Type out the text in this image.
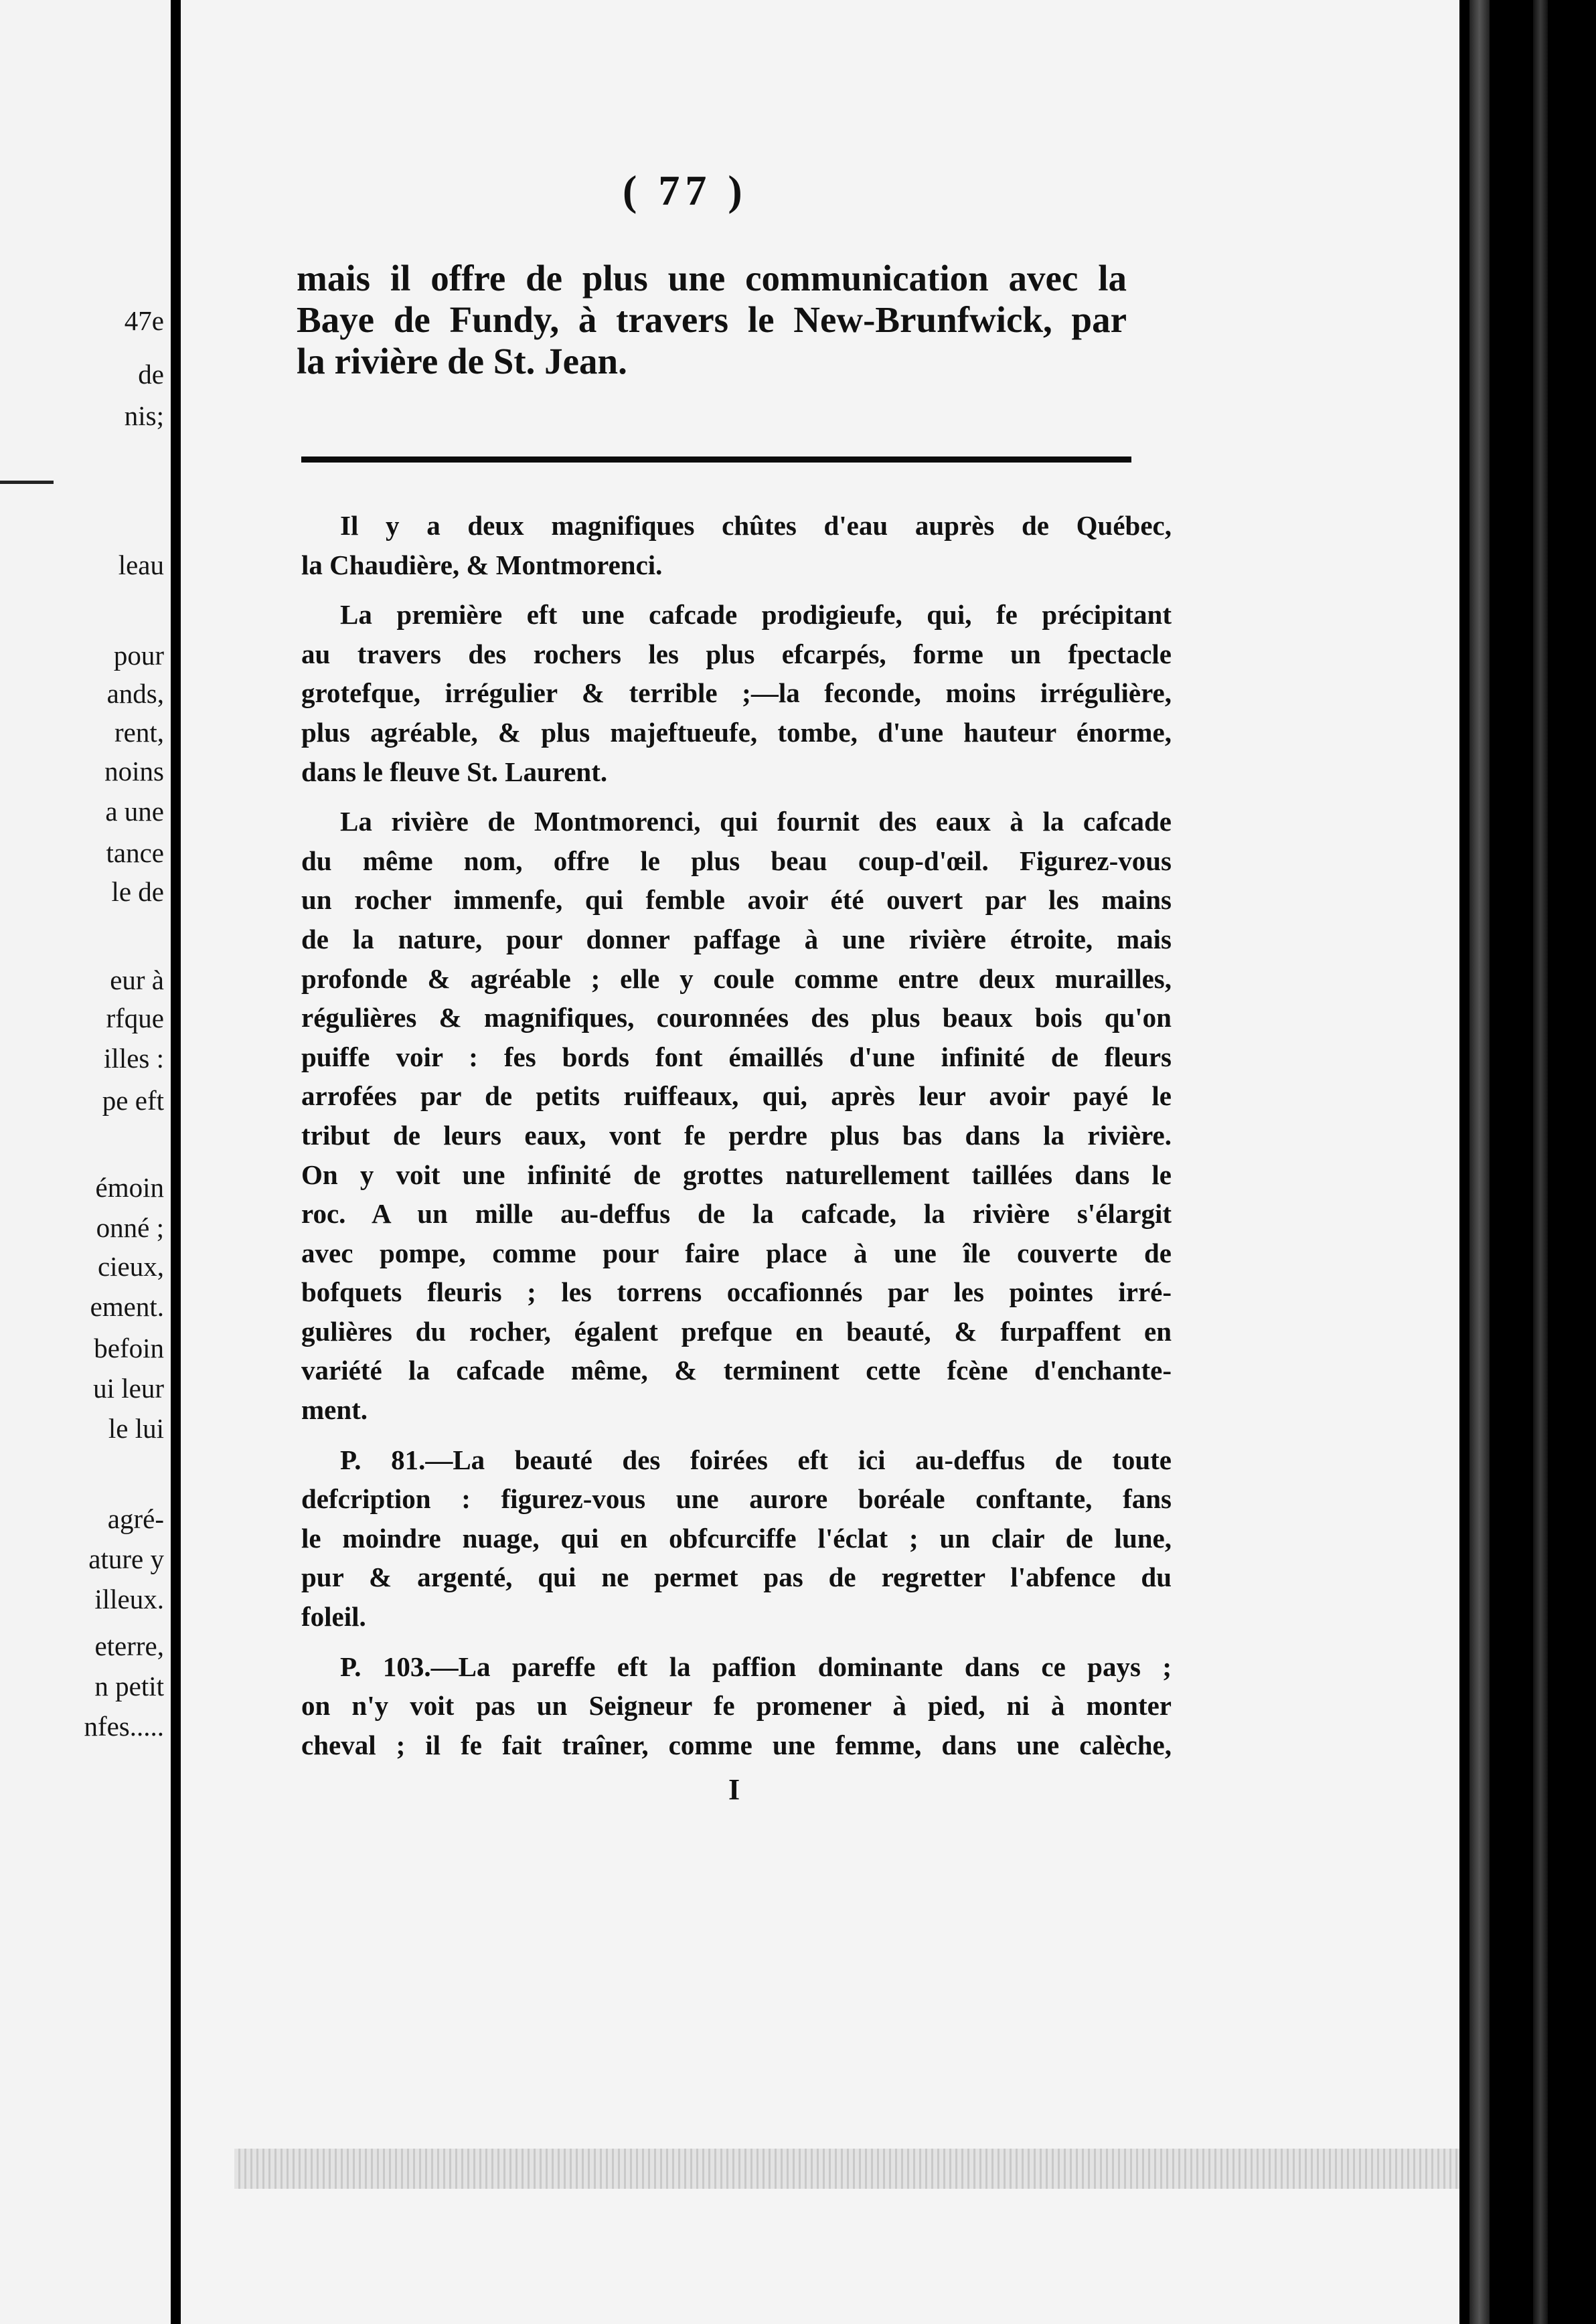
47e
de
nis;
leau
pour
ands,
rent,
noins
a une
tance
le de
eur à
rfque
illes :
pe eft
émoin
onné ;
cieux,
ement.
befoin
ui leur
le lui
agré-
ature y
illeux.
eterre,
n petit
nfes.....
( 77 )
mais il offre de plus une communication avec la
Baye de Fundy, à travers le New-Brunfwick, par
la rivière de St. Jean.
Il y a deux magnifiques chûtes d'eau auprès de Québec,
la Chaudière, & Montmorenci.
La première eft une cafcade prodigieufe, qui, fe précipitant
au travers des rochers les plus efcarpés, forme un fpectacle
grotefque, irrégulier & terrible ;—la feconde, moins irrégulière,
plus agréable, & plus majeftueufe, tombe, d'une hauteur énorme,
dans le fleuve St. Laurent.
La rivière de Montmorenci, qui fournit des eaux à la cafcade
du même nom, offre le plus beau coup-d'œil. Figurez-vous
un rocher immenfe, qui femble avoir été ouvert par les mains
de la nature, pour donner paffage à une rivière étroite, mais
profonde & agréable ; elle y coule comme entre deux murailles,
régulières & magnifiques, couronnées des plus beaux bois qu'on
puiffe voir : fes bords font émaillés d'une infinité de fleurs
arrofées par de petits ruiffeaux, qui, après leur avoir payé le
tribut de leurs eaux, vont fe perdre plus bas dans la rivière.
On y voit une infinité de grottes naturellement taillées dans le
roc. A un mille au-deffus de la cafcade, la rivière s'élargit
avec pompe, comme pour faire place à une île couverte de
bofquets fleuris ; les torrens occafionnés par les pointes irré-
gulières du rocher, égalent prefque en beauté, & furpaffent en
variété la cafcade même, & terminent cette fcène d'enchante-
ment.
P. 81.—La beauté des foirées eft ici au-deffus de toute
defcription : figurez-vous une aurore boréale conftante, fans
le moindre nuage, qui en obfcurciffe l'éclat ; un clair de lune,
pur & argenté, qui ne permet pas de regretter l'abfence du
foleil.
P. 103.—La pareffe eft la paffion dominante dans ce pays ;
on n'y voit pas un Seigneur fe promener à pied, ni à monter
cheval ; il fe fait traîner, comme une femme, dans une calèche,
I
